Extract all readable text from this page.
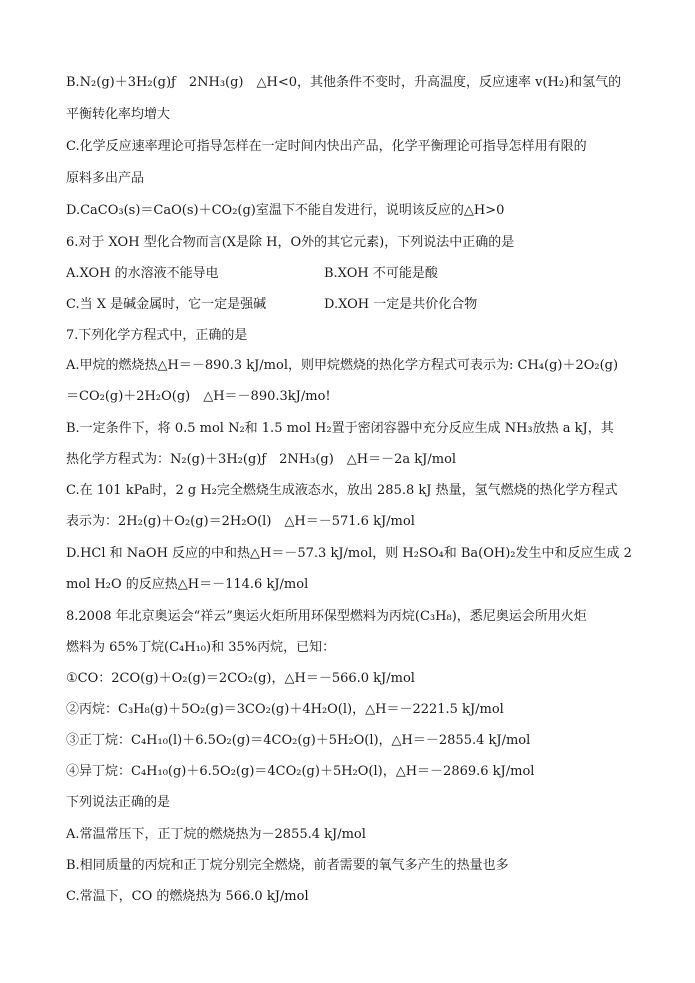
B.N₂(g)＋3H₂(g)ƒ　2NH₃(g)　△H<0，其他条件不变时，升高温度，反应速率 v(H₂)和氢气的
平衡转化率均增大
C.化学反应速率理论可指导怎样在一定时间内快出产品，化学平衡理论可指导怎样用有限的
原料多出产品
D.CaCO₃(s)＝CaO(s)＋CO₂(g)室温下不能自发进行，说明该反应的△H>0
6.对于 XOH 型化合物而言(X是除 H，O外的其它元素)，下列说法中正确的是
A.XOH 的水溶液不能导电	B.XOH 不可能是酸
C.当 X 是碱金属时，它一定是强碱	D.XOH 一定是共价化合物
7.下列化学方程式中，正确的是
A.甲烷的燃烧热△H＝－890.3 kJ/mol，则甲烷燃烧的热化学方程式可表示为: CH₄(g)＋2O₂(g)
＝CO₂(g)＋2H₂O(g)　△H＝－890.3kJ/mo!
B.一定条件下，将 0.5 mol N₂和 1.5 mol H₂置于密闭容器中充分反应生成 NH₃放热 a kJ，其
热化学方程式为：N₂(g)＋3H₂(g)ƒ　2NH₃(g)　△H＝－2a kJ/mol
C.在 101 kPa时，2 g H₂完全燃烧生成液态水，放出 285.8 kJ 热量，氢气燃烧的热化学方程式
表示为：2H₂(g)＋O₂(g)＝2H₂O(l)　△H＝－571.6 kJ/mol
D.HCl 和 NaOH 反应的中和热△H＝－57.3 kJ/mol，则 H₂SO₄和 Ba(OH)₂发生中和反应生成 2
mol H₂O 的反应热△H＝－114.6 kJ/mol
8.2008 年北京奥运会“祥云”奥运火炬所用环保型燃料为丙烷(C₃H₈)，悉尼奥运会所用火炬
燃料为 65%丁烷(C₄H₁₀)和 35%丙烷，已知：
①CO：2CO(g)＋O₂(g)＝2CO₂(g)，△H＝－566.0 kJ/mol
②丙烷：C₃H₈(g)＋5O₂(g)＝3CO₂(g)＋4H₂O(l)，△H＝－2221.5 kJ/mol
③正丁烷：C₄H₁₀(l)＋6.5O₂(g)＝4CO₂(g)＋5H₂O(l)，△H＝－2855.4 kJ/mol
④异丁烷：C₄H₁₀(g)＋6.5O₂(g)＝4CO₂(g)＋5H₂O(l)，△H＝－2869.6 kJ/mol
下列说法正确的是
A.常温常压下，正丁烷的燃烧热为－2855.4 kJ/mol
B.相同质量的丙烷和正丁烷分别完全燃烧，前者需要的氧气多产生的热量也多
C.常温下，CO 的燃烧热为 566.0 kJ/mol
